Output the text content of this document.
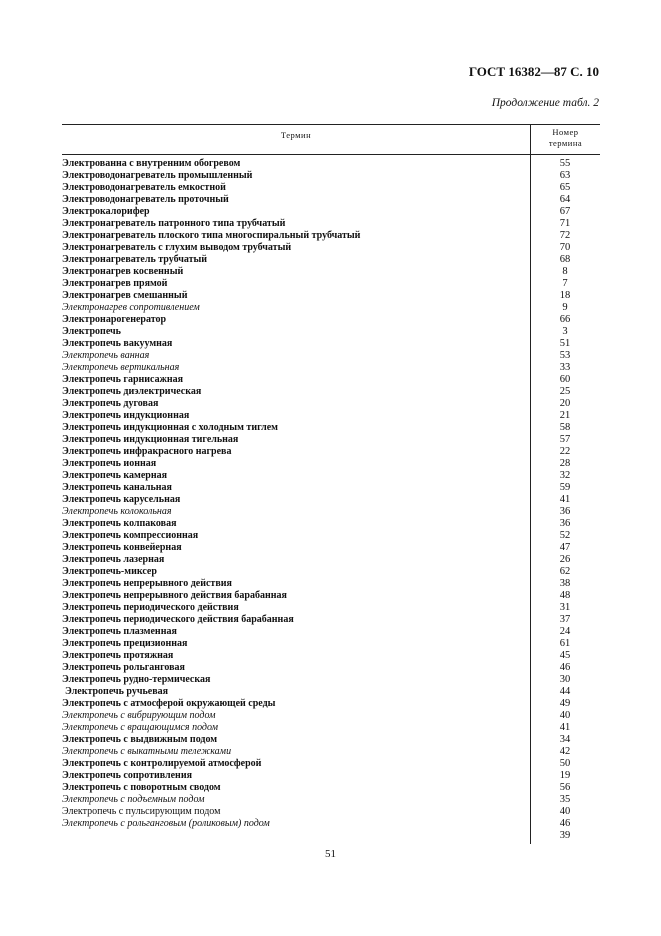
ГОСТ 16382—87 С. 10
Продолжение табл. 2
Термин	Номер
термина
Электрованна с внутренним обогревом	55
Электроводонагреватель промышленный	63
Электроводонагреватель емкостной	65
Электроводонагреватель проточный	64
Электрокалорифер	67
Электронагреватель патронного типа трубчатый	71
Электронагреватель плоского типа многоспиральный трубчатый	72
Электронагреватель с глухим выводом трубчатый	70
Электронагреватель трубчатый	68
Электронагрев косвенный	8
Электронагрев прямой	7
Электронагрев смешанный	18
Электронагрев сопротивлением	9
Электронарогенератор	66
Электропечь	3
Электропечь вакуумная	51
Электропечь ванная	53
Электропечь вертикальная	33
Электропечь гарнисажная	60
Электропечь диэлектрическая	25
Электропечь дуговая	20
Электропечь индукционная	21
Электропечь индукционная с холодным тиглем	58
Электропечь индукционная тигельная	57
Электропечь инфракрасного нагрева	22
Электропечь ионная	28
Электропечь камерная	32
Электропечь канальная	59
Электропечь карусельная	41
Электропечь колокольная	36
Электропечь колпаковая	36
Электропечь компрессионная	52
Электропечь конвейерная	47
Электропечь лазерная	26
Электропечь-миксер	62
Электропечь непрерывного действия	38
Электропечь непрерывного действия барабанная	48
Электропечь периодического действия	31
Электропечь периодического действия барабанная	37
Электропечь плазменная	24
Электропечь прецизионная	61
Электропечь протяжная	45
Электропечь рольганговая	46
Электропечь рудно-термическая	30
Электропечь ручьевая	44
Электропечь с атмосферой окружающей среды	49
Электропечь с вибрирующим подом	40
Электропечь с вращающимся подом	41
Электропечь с выдвижным подом	34
Электропечь с выкатными тележками	42
Электропечь с контролируемой атмосферой	50
Электропечь сопротивления	19
Электропечь с поворотным сводом	56
Электропечь с подъемным подом	35
Электропечь с пульсирующим подом	40
Электропечь с рольганговым (роликовым) подом	46
39
51
